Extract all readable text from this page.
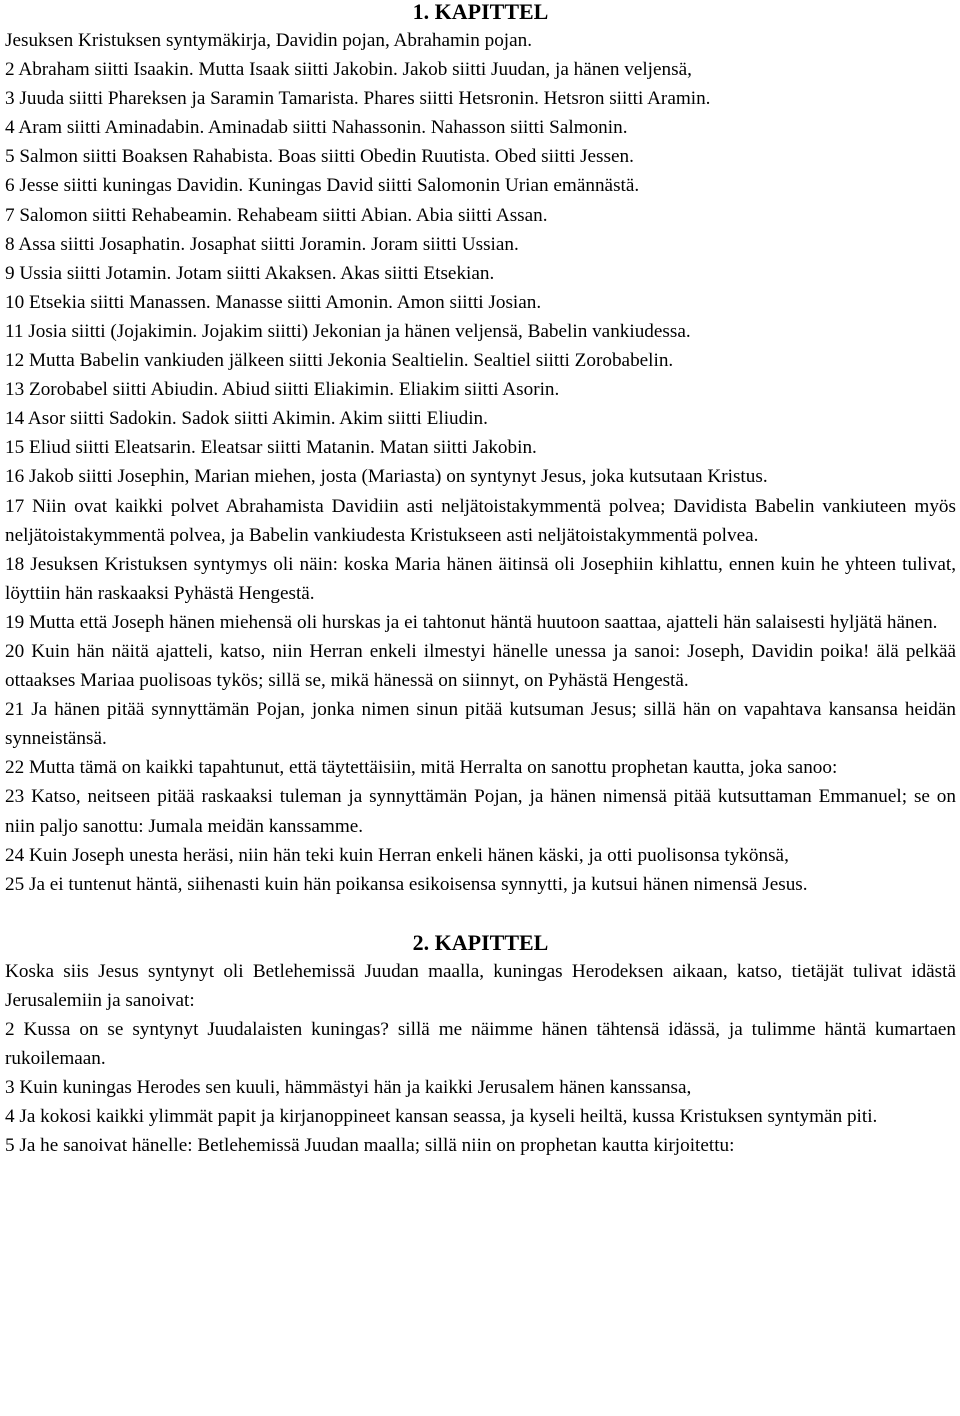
1. KAPITTEL

Jesuksen Kristuksen syntymäkirja, Davidin pojan, Abrahamin pojan.

2 Abraham siitti Isaakin. Mutta Isaak siitti Jakobin. Jakob siitti Juudan, ja hänen veljensä,

3 Juuda siitti Phareksen ja Saramin Tamarista. Phares siitti Hetsronin. Hetsron siitti Aramin.

4 Aram siitti Aminadabin. Aminadab siitti Nahassonin. Nahasson siitti Salmonin.

5 Salmon siitti Boaksen Rahabista. Boas siitti Obedin Ruutista. Obed siitti Jessen.

6 Jesse siitti kuningas Davidin. Kuningas David siitti Salomonin Urian emännästä.

7 Salomon siitti Rehabeamin. Rehabeam siitti Abian. Abia siitti Assan.

8 Assa siitti Josaphatin. Josaphat siitti Joramin. Joram siitti Ussian.

9 Ussia siitti Jotamin. Jotam siitti Akaksen. Akas siitti Etsekian.

10 Etsekia siitti Manassen. Manasse siitti Amonin. Amon siitti Josian.

11 Josia siitti (Jojakimin. Jojakim siitti) Jekonian ja hänen veljensä, Babelin vankiudessa.

12 Mutta Babelin vankiuden jälkeen siitti Jekonia Sealtielin. Sealtiel siitti Zorobabelin.

13 Zorobabel siitti Abiudin. Abiud siitti Eliakimin. Eliakim siitti Asorin.

14 Asor siitti Sadokin. Sadok siitti Akimin. Akim siitti Eliudin.

15 Eliud siitti Eleatsarin. Eleatsar siitti Matanin. Matan siitti Jakobin.

16 Jakob siitti Josephin, Marian miehen, josta (Mariasta) on syntynyt Jesus, joka kutsutaan Kristus.

17 Niin ovat kaikki polvet Abrahamista Davidiin asti neljätoistakymmentä polvea; Davidista Babelin vankiuteen myös neljätoistakymmentä polvea, ja Babelin vankiudesta Kristukseen asti neljätoistakymmentä polvea.

18 Jesuksen Kristuksen syntymys oli näin: koska Maria hänen äitinsä oli Josephiin kihlattu, ennen kuin he yhteen tulivat, löyttiin hän raskaaksi Pyhästä Hengestä.

19 Mutta että Joseph hänen miehensä oli hurskas ja ei tahtonut häntä huutoon saattaa, ajatteli hän salaisesti hyljätä hänen.

20 Kuin hän näitä ajatteli, katso, niin Herran enkeli ilmestyi hänelle unessa ja sanoi: Joseph, Davidin poika! älä pelkää ottaakses Mariaa puolisoas tykös; sillä se, mikä hänessä on siinnyt, on Pyhästä Hengestä.

21 Ja hänen pitää synnyttämän Pojan, jonka nimen sinun pitää kutsuman Jesus; sillä hän on vapahtava kansansa heidän synneistänsä.

22 Mutta tämä on kaikki tapahtunut, että täytettäisiin, mitä Herralta on sanottu prophetan kautta, joka sanoo:

23 Katso, neitseen pitää raskaaksi tuleman ja synnyttämän Pojan, ja hänen nimensä pitää kutsuttaman Emmanuel; se on niin paljo sanottu: Jumala meidän kanssamme.

24 Kuin Joseph unesta heräsi, niin hän teki kuin Herran enkeli hänen käski, ja otti puolisonsa tykönsä,

25 Ja ei tuntenut häntä, siihenasti kuin hän poikansa esikoisensa synnytti, ja kutsui hänen nimensä Jesus.

2. KAPITTEL

Koska siis Jesus syntynyt oli Betlehemissä Juudan maalla, kuningas Herodeksen aikaan, katso, tietäjät tulivat idästä Jerusalemiin ja sanoivat:

2 Kussa on se syntynyt Juudalaisten kuningas? sillä me näimme hänen tähtensä idässä, ja tulimme häntä kumartaen rukoilemaan.

3 Kuin kuningas Herodes sen kuuli, hämmästyi hän ja kaikki Jerusalem hänen kanssansa,

4 Ja kokosi kaikki ylimmät papit ja kirjanoppineet kansan seassa, ja kyseli heiltä, kussa Kristuksen syntymän piti.

5 Ja he sanoivat hänelle: Betlehemissä Juudan maalla; sillä niin on prophetan kautta kirjoitettu:
